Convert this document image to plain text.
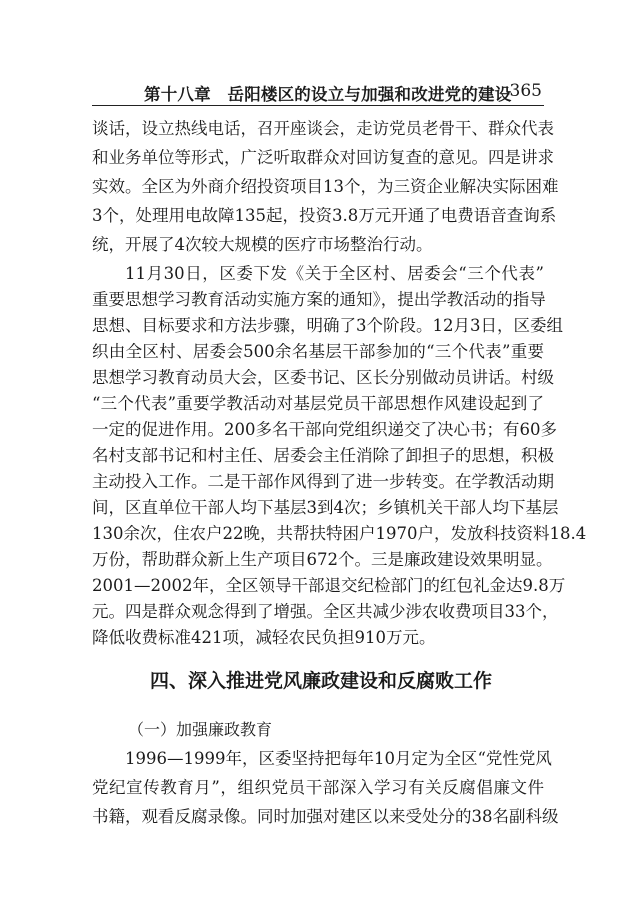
第十八章　岳阳楼区的设立与加强和改进党的建设
365
谈话，设立热线电话，召开座谈会，走访党员老骨干、群众代表
和业务单位等形式，广泛听取群众对回访复查的意见。四是讲求
实效。全区为外商介绍投资项目13个，为三资企业解决实际困难
3个，处理用电故障135起，投资3.8万元开通了电费语音查询系
统，开展了4次较大规模的医疗市场整治行动。
11月30日，区委下发《关于全区村、居委会“三个代表”
重要思想学习教育活动实施方案的通知》，提出学教活动的指导
思想、目标要求和方法步骤，明确了3个阶段。12月3日，区委组
织由全区村、居委会500余名基层干部参加的“三个代表”重要
思想学习教育动员大会，区委书记、区长分别做动员讲话。村级
“三个代表”重要学教活动对基层党员干部思想作风建设起到了
一定的促进作用。200多名干部向党组织递交了决心书；有60多
名村支部书记和村主任、居委会主任消除了卸担子的思想，积极
主动投入工作。二是干部作风得到了进一步转变。在学教活动期
间，区直单位干部人均下基层3到4次；乡镇机关干部人均下基层
130余次，住农户22晚，共帮扶特困户1970户，发放科技资料18.4
万份，帮助群众新上生产项目672个。三是廉政建设效果明显。
2001—2002年，全区领导干部退交纪检部门的红包礼金达9.8万
元。四是群众观念得到了增强。全区共减少涉农收费项目33个，
四、深入推进党风廉政建设和反腐败工作
（一）加强廉政教育
1996—1999年，区委坚持把每年10月定为全区“党性党风
党纪宣传教育月”，组织党员干部深入学习有关反腐倡廉文件
书籍，观看反腐录像。同时加强对建区以来受处分的38名副科级
降低收费标准421项，减轻农民负担910万元。
